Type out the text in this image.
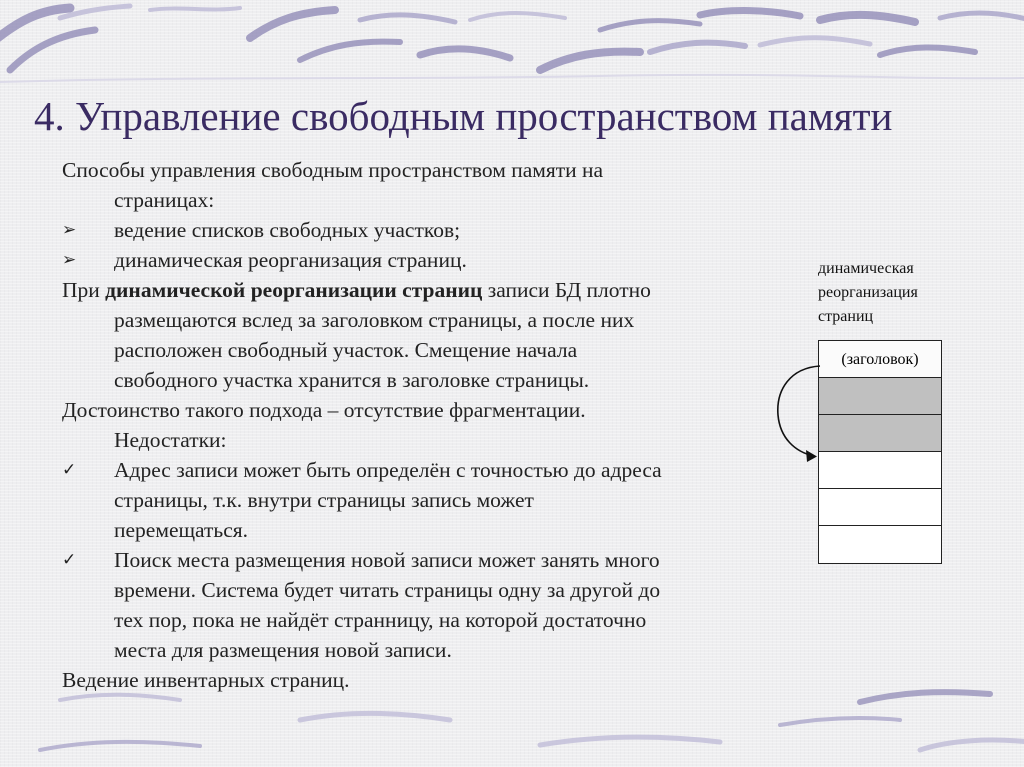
4. Управление свободным пространством памяти
Способы управления свободным пространством памяти на
страницах:
➢	ведение списков свободных участков;
➢	динамическая реорганизация страниц.
При динамической реорганизации страниц записи БД плотно
размещаются вслед за заголовком страницы, а после них
расположен свободный участок. Смещение начала
свободного участка хранится в заголовке страницы.
Достоинство такого подхода – отсутствие фрагментации.
Недостатки:
✓	Адрес записи может быть определён с точностью до адреса
страницы, т.к. внутри страницы запись может
перемещаться.
✓	Поиск места размещения новой записи может занять много
времени. Система будет читать страницы одну за другой до
тех пор, пока не найдёт стрaнницу, на которой достаточно
места для размещения новой записи.
Ведение инвентарных страниц.
динамическая
реорганизация
страниц
(заголовок)
